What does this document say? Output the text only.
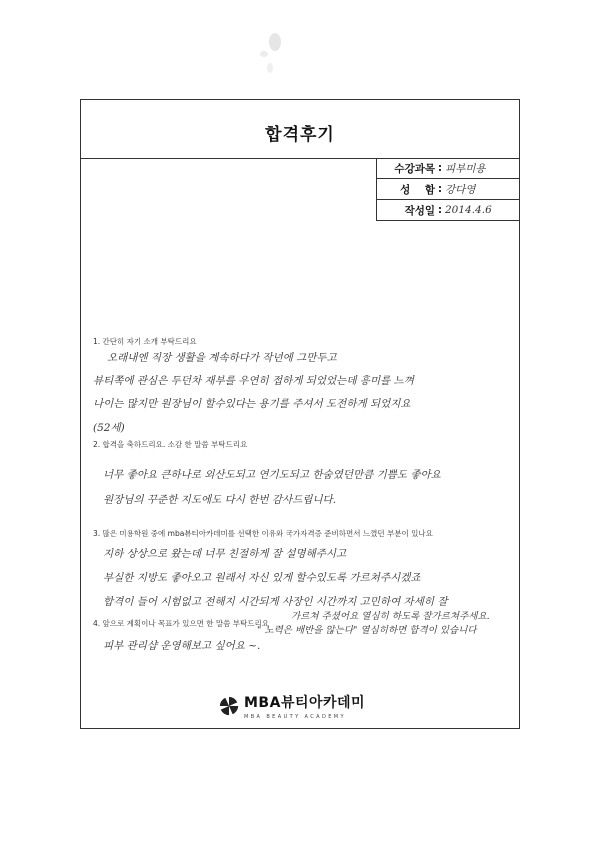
합격후기
수강과목 : 피부미용
성    함 : 강다영
작성일 : 2014.4.6
1. 간단히 자기 소개 부탁드리요
오래내엔 직장 생활을 계속하다가 작년에 그만두고
뷰티쪽에 관심은 두던차 재부를 우연히 접하게 되었었는데 흥미를 느껴
나이는 많지만 원장님이 할수있다는 용기를 주셔서 도전하게 되었지요
(52세)
2. 합격을 축하드리요. 소감 한 말씀 부탁드리요
너무 좋아요 큰하나로 외산도되고 연기도되고 한숨였던만큼 기쁨도 좋아요
원장님의 꾸준한 지도에도 다시 한번 감사드립니다.
3. 많은 미용학원 중에 mba뷰티아카데미를 선택한 이유와 국가자격증 준비하면서 느꼈던 부분이 있나요
지하 상상으로 왔는데 너무 친절하게 잘 설명해주시고
부실한 지방도 좋아오고 원래서 자신 있게 할수있도록 가르쳐주시겠죠
합격이 들어 시험없고 전해지 시간되게 사장인 시간까지 고민하여 자세히 잘
가르쳐 주셨어요 열심히 하도록 잘가르쳐주세요.
" 노력은 배반을 않는다" 열심히하면 합격이 있습니다
4. 앞으로 계획이나 목표가 있으면 한 말씀 부탁드리요
피부 관리샵 운영해보고 싶어요 ~.
MBA뷰티아카데미
MBA BEAUTY ACADEMY
